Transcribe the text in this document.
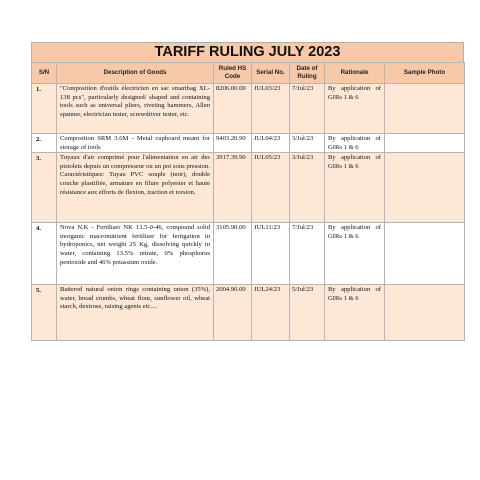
TARIFF RULING JULY 2023
S/N	Description of Goods	Ruled HS Code	Serial No.	Date of Ruling	Rationale	Sample Photo
1.	"Composition d'outils électricien en sac smartbag XL-138 pcs", particularly designed/ shaped and containing tools such as universal pliers, riveting hammers, Allen spanner, electrician tester, screwdriver tester, etc.	8206.00.00	JUL03/23	7/Jul/23	By application of GIRs 1 & 6	
2.	Composition SRM 3.6M - Metal cupboard meant for storage of tools	9403.20.90	JUL04/23	3/Jul/23	By application of GIRs 1 & 6	
3.	Tuyaux d'air comprimé pour l'alimentation en air des pistolets depuis un compresseur ou un pot sous pression. Caractéristiques: Tuyau PVC souple (noir), double couche plastifiée, armature en filure polyester et haute résistance aux efforts de flexion, traction et torsion.	3917.39.90	JUL05/23	3/Jul/23	By application of GIRs 1 & 6	
4.	Nova N.K - Fertiliser NK 13.5-0-46, compound solid inorganic macronutrient fertiliser for fertigation in hydroponics, net weight 25 Kg, dissolving quickly in water, containing 13.5% nitrate, 0% phosphorus pentoxide and 46% potassium oxide.	3105.90.00	JUL11/23	7/Jul/23	By application of GIRs 1 & 6	
5.	Battered natural onion rings containing onion (35%), water, bread crumbs, wheat flour, sunflower oil, wheat starch, dextrose, raising agents etc....	2004.90.00	JUL24/23	5/Jul/23	By application of GIRs 1 & 6	
